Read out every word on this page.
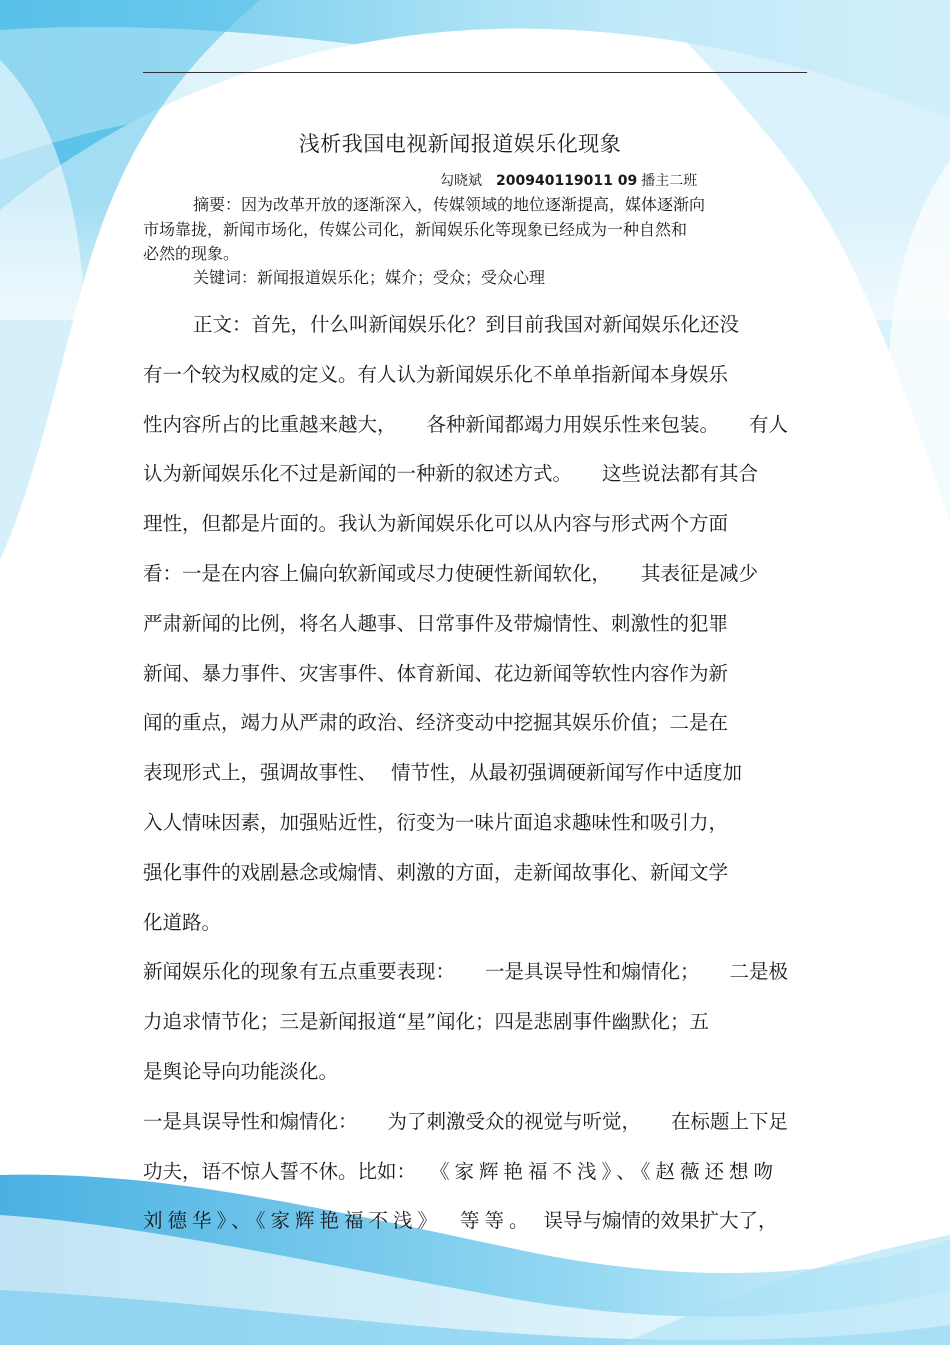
浅析我国电视新闻报道娱乐化现象
勾晓斌 200940119011 09 播主二班
摘要：因为改革开放的逐渐深入，传媒领域的地位逐渐提高，媒体逐渐向
市场靠拢，新闻市场化，传媒公司化，新闻娱乐化等现象已经成为一种自然和
必然的现象。
关键词：新闻报道娱乐化；媒介；受众；受众心理
正文：首先，什么叫新闻娱乐化？到目前我国对新闻娱乐化还没
有一个较为权威的定义。有人认为新闻娱乐化不单单指新闻本身娱乐
性内容所占的比重越来越大， 各种新闻都竭力用娱乐性来包装。 有人
认为新闻娱乐化不过是新闻的一种新的叙述方式。 这些说法都有其合
理性，但都是片面的。我认为新闻娱乐化可以从内容与形式两个方面
看：一是在内容上偏向软新闻或尽力使硬性新闻软化， 其表征是减少
严肃新闻的比例，将名人趣事、日常事件及带煽情性、刺激性的犯罪
新闻、暴力事件、灾害事件、体育新闻、花边新闻等软性内容作为新
闻的重点，竭力从严肃的政治、经济变动中挖掘其娱乐价值；二是在
表现形式上，强调故事性、 情节性，从最初强调硬新闻写作中适度加
入人情味因素，加强贴近性，衍变为一味片面追求趣味性和吸引力，
强化事件的戏剧悬念或煽情、刺激的方面，走新闻故事化、新闻文学
化道路。
新闻娱乐化的现象有五点重要表现： 一是具误导性和煽情化； 二是极
力追求情节化；三是新闻报道“星”闻化；四是悲剧事件幽默化；五
是舆论导向功能淡化。
一是具误导性和煽情化： 为了刺激受众的视觉与听觉， 在标题上下足
功夫，语不惊人誓不休。比如： 《家辉艳福不浅》、《赵薇还想吻
刘德华》、《家辉艳福不浅》 等等。 误导与煽情的效果扩大了，
